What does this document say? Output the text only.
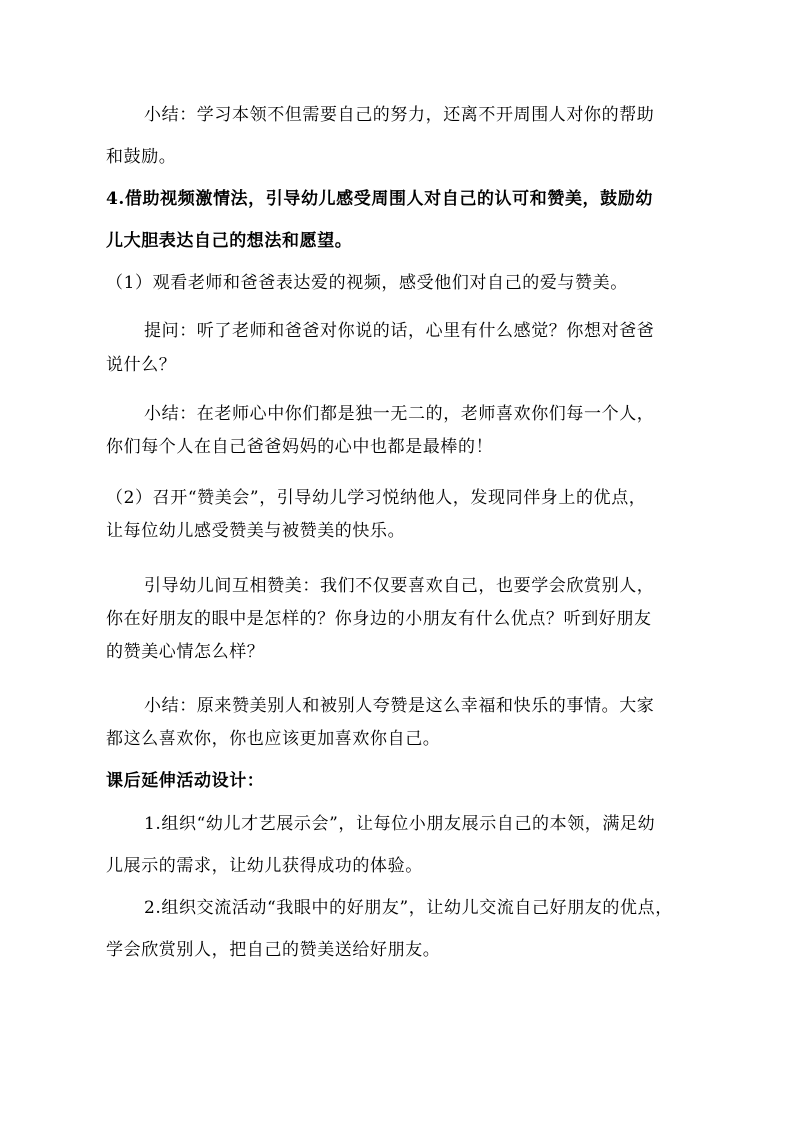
小结：学习本领不但需要自己的努力，还离不开周围人对你的帮助
和鼓励。
4.借助视频激情法，引导幼儿感受周围人对自己的认可和赞美，鼓励幼
儿大胆表达自己的想法和愿望。
（1）观看老师和爸爸表达爱的视频，感受他们对自己的爱与赞美。
提问：听了老师和爸爸对你说的话，心里有什么感觉？你想对爸爸
说什么？
小结：在老师心中你们都是独一无二的，老师喜欢你们每一个人，
你们每个人在自己爸爸妈妈的心中也都是最棒的！
（2）召开“赞美会”，引导幼儿学习悦纳他人，发现同伴身上的优点，
让每位幼儿感受赞美与被赞美的快乐。
引导幼儿间互相赞美：我们不仅要喜欢自己，也要学会欣赏别人，
你在好朋友的眼中是怎样的？你身边的小朋友有什么优点？听到好朋友
的赞美心情怎么样？
小结：原来赞美别人和被别人夸赞是这么幸福和快乐的事情。大家
都这么喜欢你，你也应该更加喜欢你自己。
课后延伸活动设计：
1.组织“幼儿才艺展示会”，让每位小朋友展示自己的本领，满足幼
儿展示的需求，让幼儿获得成功的体验。
2.组织交流活动“我眼中的好朋友”，让幼儿交流自己好朋友的优点，
学会欣赏别人，把自己的赞美送给好朋友。
